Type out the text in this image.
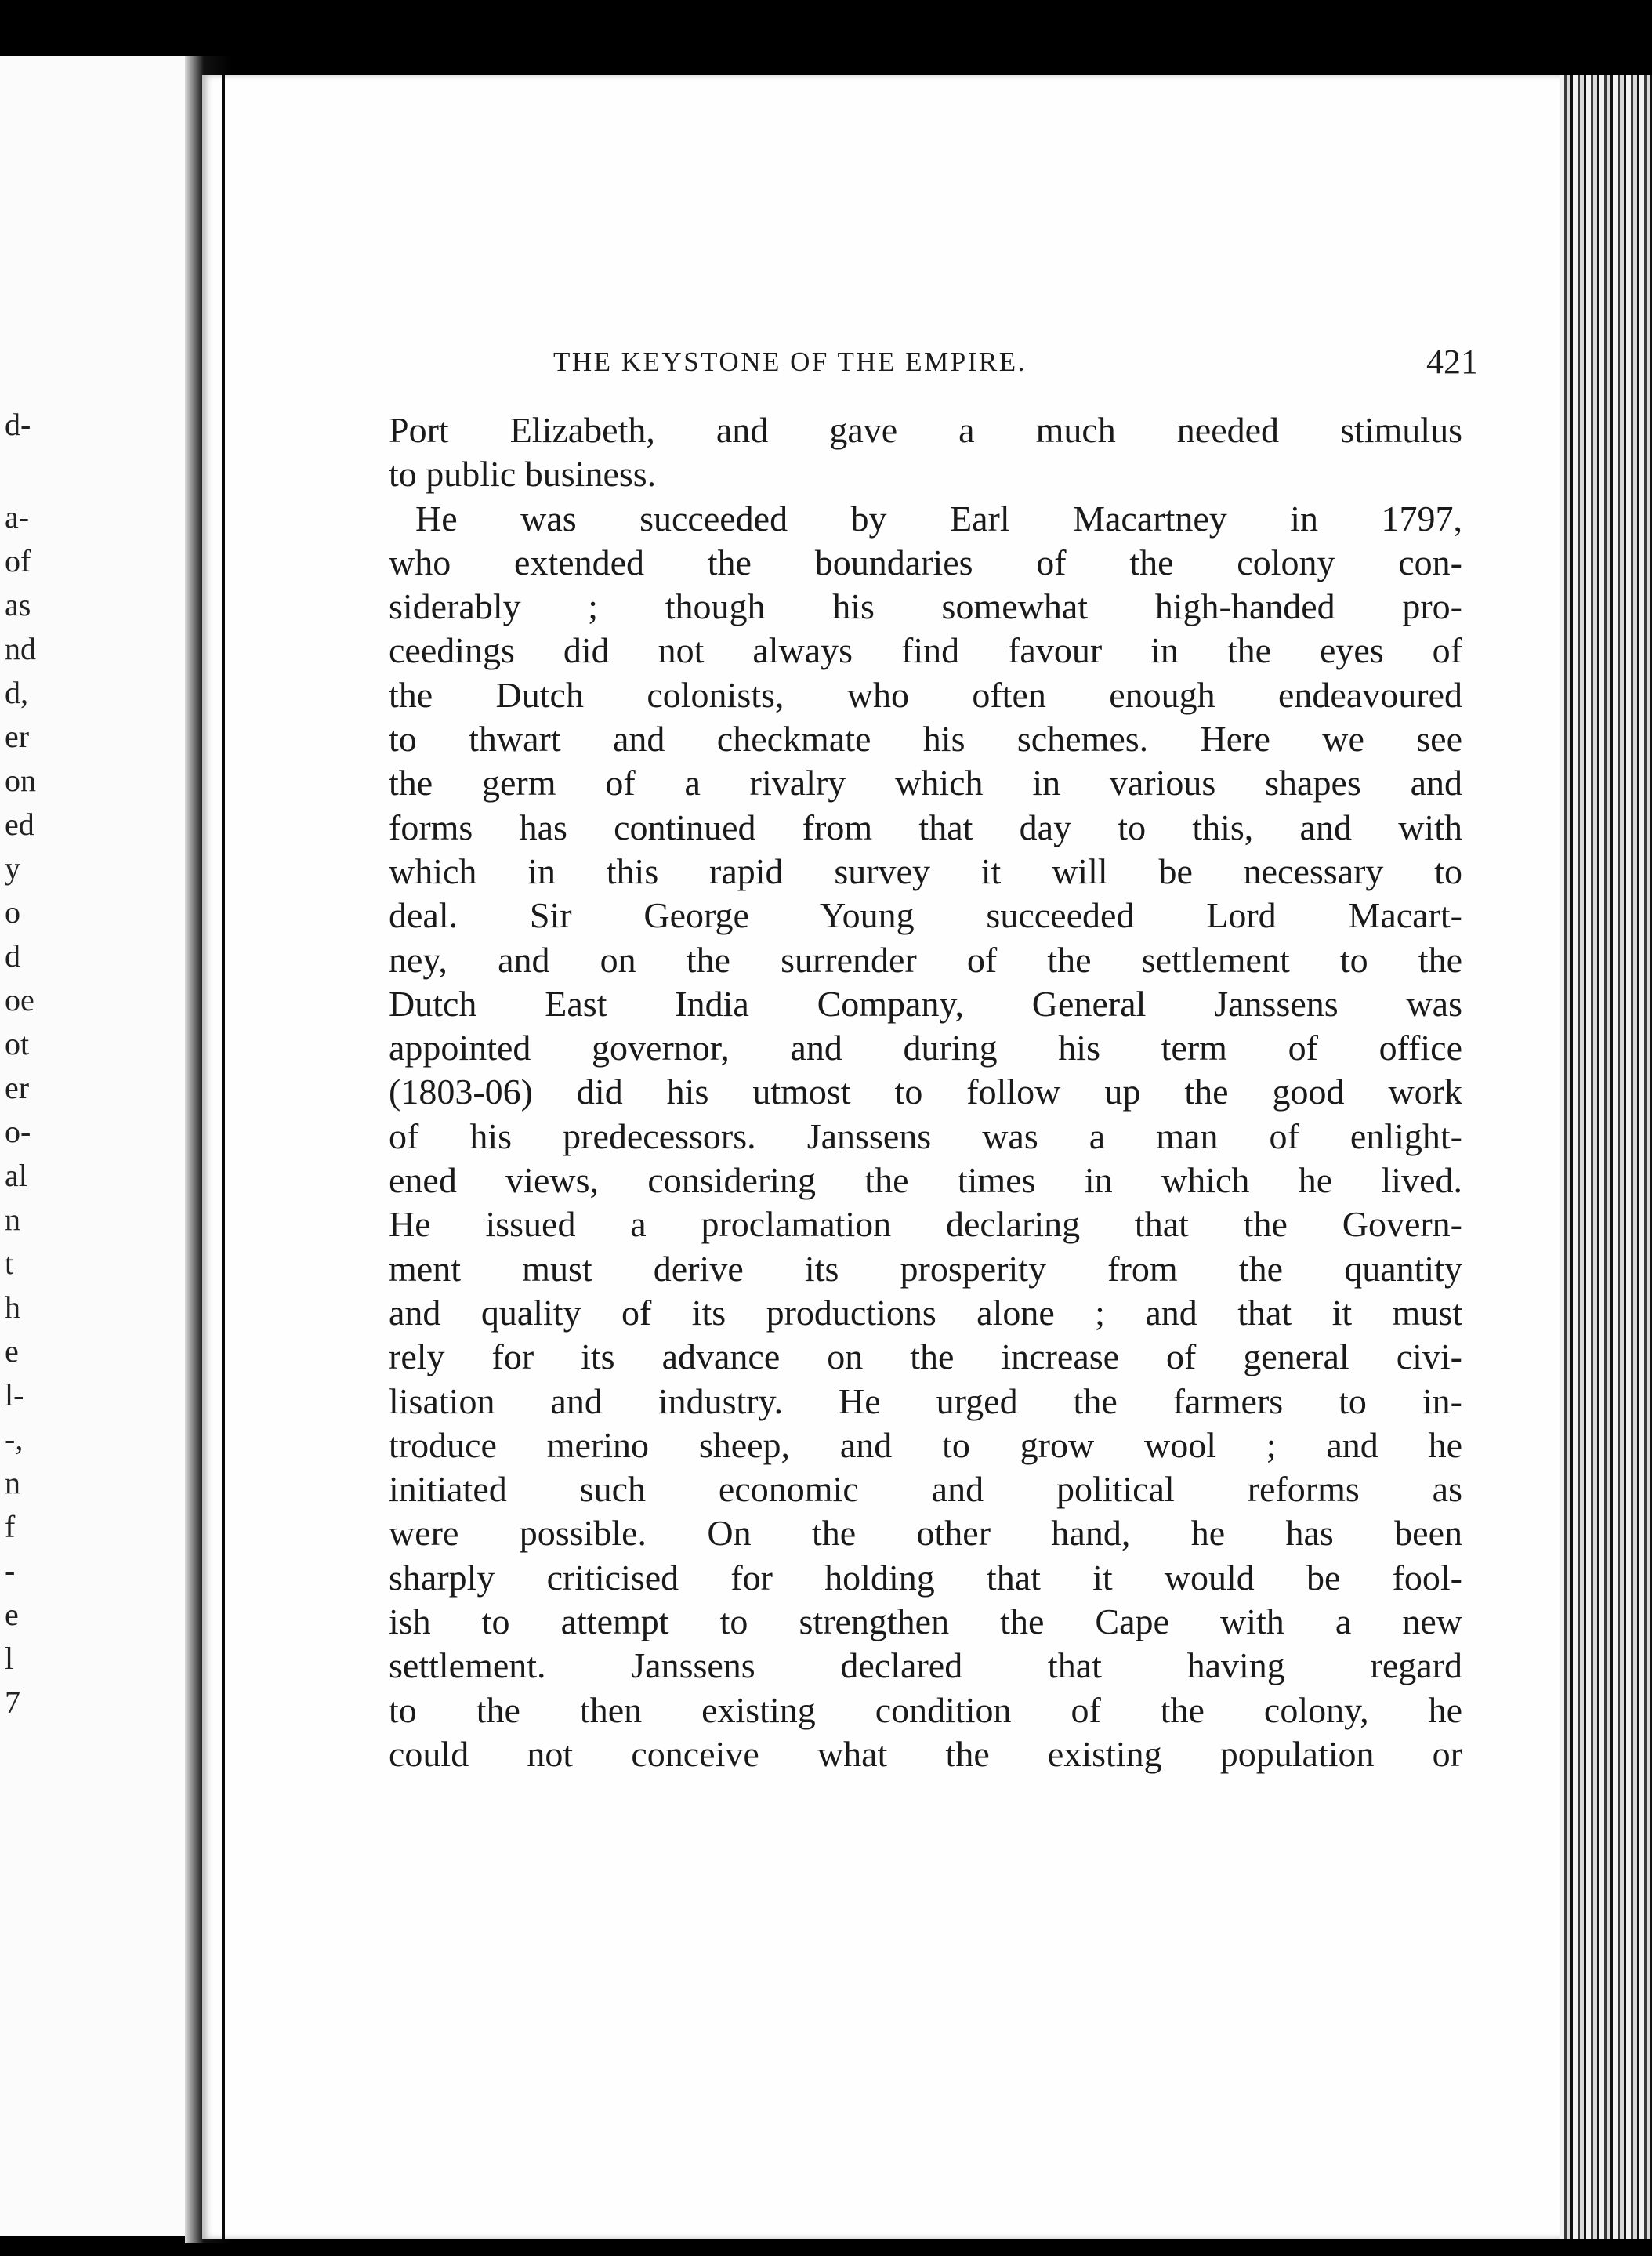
d-
a-
of
as
nd
d,
er
on
ed
y
o
d
oe
ot
er
o-
al
n
t
h
e
l-
-,
n
f
-
e
l
7
THE KEYSTONE OF THE EMPIRE.	421
Port Elizabeth, and gave a much needed stimulus
to public business.
He was succeeded by Earl Macartney in 1797,
who extended the boundaries of the colony con-
siderably ; though his somewhat high-handed pro-
ceedings did not always find favour in the eyes of
the Dutch colonists, who often enough endeavoured
to thwart and checkmate his schemes. Here we see
the germ of a rivalry which in various shapes and
forms has continued from that day to this, and with
which in this rapid survey it will be necessary to
deal. Sir George Young succeeded Lord Macart-
ney, and on the surrender of the settlement to the
Dutch East India Company, General Janssens was
appointed governor, and during his term of office
(1803-06) did his utmost to follow up the good work
of his predecessors. Janssens was a man of enlight-
ened views, considering the times in which he lived.
He issued a proclamation declaring that the Govern-
ment must derive its prosperity from the quantity
and quality of its productions alone ; and that it must
rely for its advance on the increase of general civi-
lisation and industry. He urged the farmers to in-
troduce merino sheep, and to grow wool ; and he
initiated such economic and political reforms as
were possible. On the other hand, he has been
sharply criticised for holding that it would be fool-
ish to attempt to strengthen the Cape with a new
settlement. Janssens declared that having regard
to the then existing condition of the colony, he
could not conceive what the existing population or
